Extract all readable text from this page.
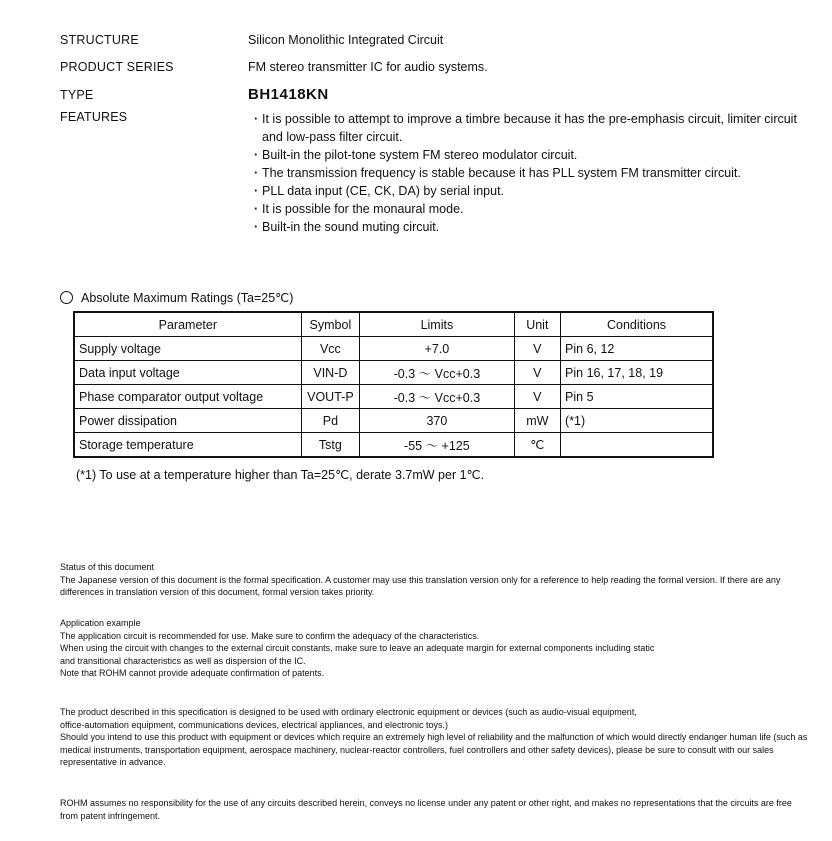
STRUCTURE	Silicon Monolithic Integrated Circuit
PRODUCT SERIES	FM stereo transmitter IC for audio systems.
TYPE	BH1418KN
FEATURES	· It is possible to attempt to improve a timbre because it has the pre-emphasis circuit, limiter circuit and low-pass filter circuit.
· Built-in the pilot-tone system FM stereo modulator circuit.
· The transmission frequency is stable because it has PLL system FM transmitter circuit.
· PLL data input (CE, CK, DA) by serial input.
· It is possible for the monaural mode.
· Built-in the sound muting circuit.
Absolute Maximum Ratings (Ta=25℃)
Parameter	Symbol	Limits	Unit	Conditions
Supply voltage	Vcc	+7.0	V	Pin 6, 12
Data input voltage	VIN-D	-0.3 ～ Vcc+0.3	V	Pin 16, 17, 18, 19
Phase comparator output voltage	VOUT-P	-0.3 ～ Vcc+0.3	V	Pin 5
Power dissipation	Pd	370	mW	(*1)
Storage temperature	Tstg	-55 ～ +125	℃	
(*1) To use at a temperature higher than Ta=25℃, derate 3.7mW per 1℃.

Status of this document

The Japanese version of this document is the formal specification. A customer may use this translation version only for a reference to help reading the formal version. If there are any differences in translation version of this document, formal version takes priority.

Application example

The application circuit is recommended for use. Make sure to confirm the adequacy of the characteristics.

When using the circuit with changes to the external circuit constants, make sure to leave an adequate margin for external components including static

and transitional characteristics as well as dispersion of the IC.

Note that ROHM cannot provide adequate confirmation of patents.

The product described in this specification is designed to be used with ordinary electronic equipment or devices (such as audio-visual equipment,

office-automation equipment, communications devices, electrical appliances, and electronic toys.)

Should you intend to use this product with equipment or devices which require an extremely high level of reliability and the malfunction of which would directly endanger human life (such as medical instruments, transportation equipment, aerospace machinery, nuclear-reactor controllers, fuel controllers and other safety devices), please be sure to consult with our sales representative in advance.

ROHM assumes no responsibility for the use of any circuits described herein, conveys no license under any patent or other right, and makes no representations that the circuits are free from patent infringement.
